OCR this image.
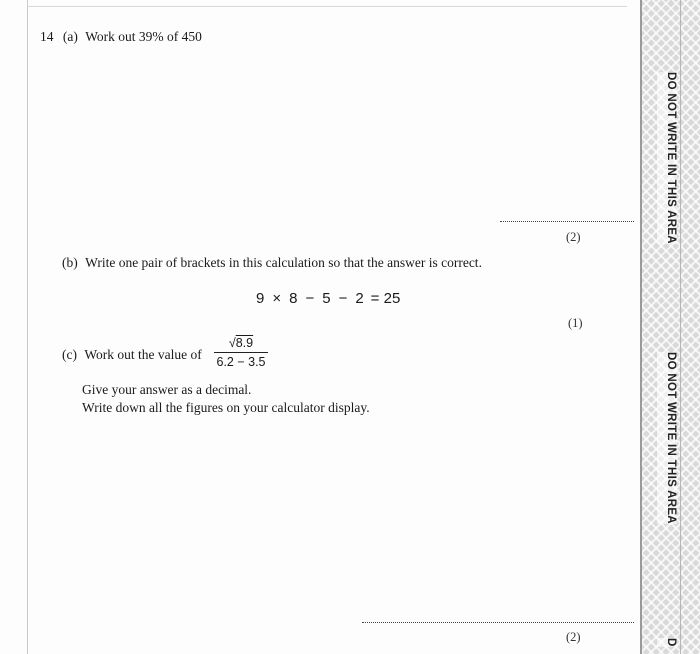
14 (a) Work out 39% of 450
(2)
(b) Write one pair of brackets in this calculation so that the answer is correct.
9 × 8 − 5 − 2 = 25
(1)
(c) Work out the value of
√8.9
6.2 − 3.5
Give your answer as a decimal.
Write down all the figures on your calculator display.
(2)
DO NOT WRITE IN THIS AREA
DO NOT WRITE IN THIS AREA
D
